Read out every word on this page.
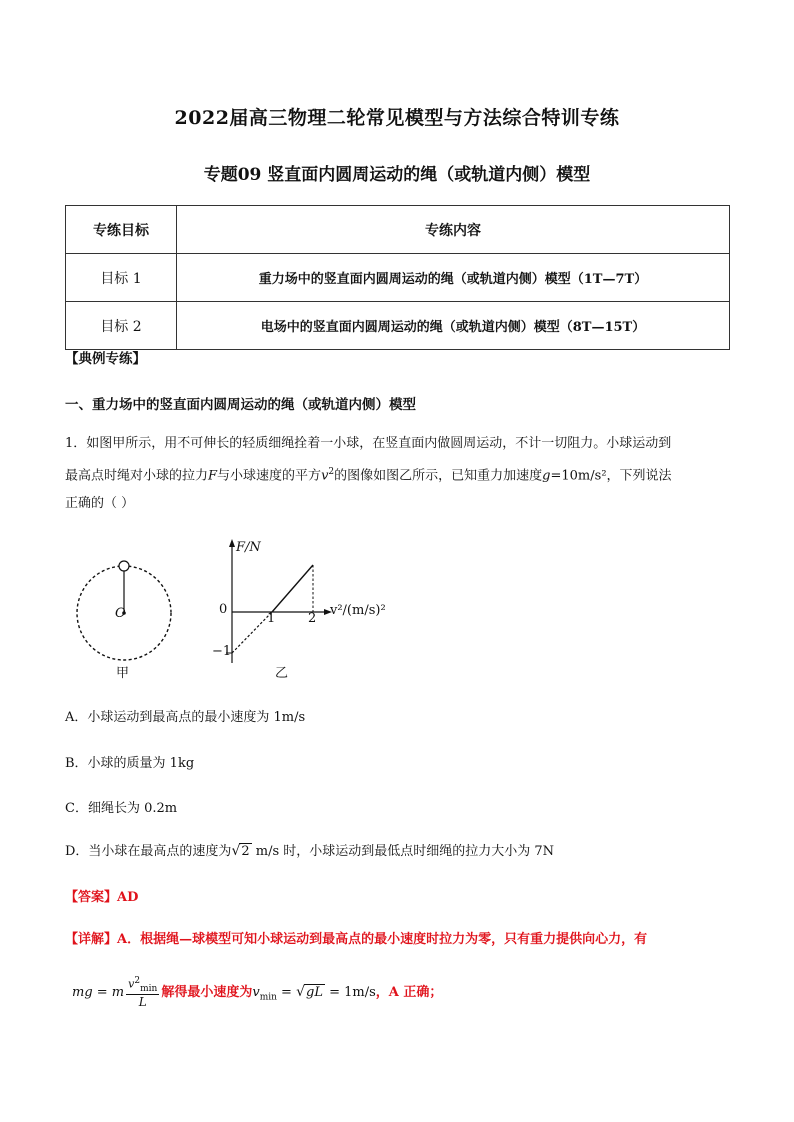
2022届高三物理二轮常见模型与方法综合特训专练
专题09 竖直面内圆周运动的绳（或轨道内侧）模型
专练目标	专练内容
目标 1	重力场中的竖直面内圆周运动的绳（或轨道内侧）模型（1T—7T）
目标 2	电场中的竖直面内圆周运动的绳（或轨道内侧）模型（8T—15T）
【典例专练】
一、重力场中的竖直面内圆周运动的绳（或轨道内侧）模型
1．如图甲所示，用不可伸长的轻质细绳拴着一小球，在竖直面内做圆周运动，不计一切阻力。小球运动到
最高点时绳对小球的拉力F与小球速度的平方$v^2$的图像如图乙所示，已知重力加速度g=10m/s²，下列说法
正确的（ ）
F/N
v²/(m/s)²
0
1	2
−1
O
甲	乙
A．小球运动到最高点的最小速度为 1m/s
B．小球的质量为 1kg
C．细绳长为 0.2m
D．当小球在最高点的速度为√2 m/s 时，小球运动到最低点时细绳的拉力大小为 7N
【答案】AD
【详解】A．根据绳—球模型可知小球运动到最高点的最小速度时拉力为零，只有重力提供向心力，有
mg = m $\frac{v^2_{min}}{L}$ 解得最小速度为$v_{min} = √gL = 1m/s$，A 正确；
